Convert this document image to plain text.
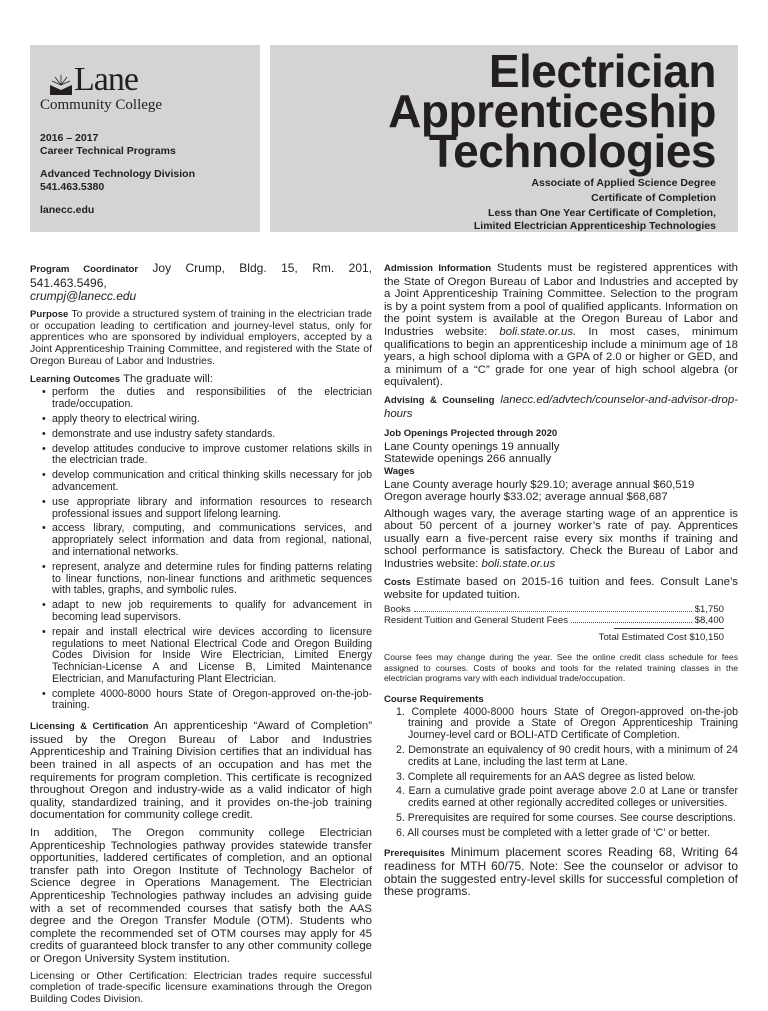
Lane
Community College
2016 – 2017
Career Technical Programs
Advanced Technology Division
541.463.5380
lanecc.edu
Electrician
Apprenticeship
Technologies
Associate of Applied Science Degree
Certificate of Completion
Less than One Year Certificate of Completion,
Limited Electrician Apprenticeship Technologies

Program Coordinator Joy Crump, Bldg. 15, Rm. 201, 541.463.5496,
crumpj@lanecc.edu

Purpose To provide a structured system of training in the electrician trade or occupation leading to certification and journey-level status, only for apprentices who are sponsored by individual employers, accepted by a Joint Apprenticeship Training Committee, and registered with the State of Oregon Bureau of Labor and Industries.

Learning Outcomes The graduate will:

• perform the duties and responsibilities of the electrician trade/occupation.
• apply theory to electrical wiring.
• demonstrate and use industry safety standards.
• develop attitudes conducive to improve customer relations skills in the electrician trade.
• develop communication and critical thinking skills necessary for job advancement.
• use appropriate library and information resources to research professional issues and support lifelong learning.
• access library, computing, and communications services, and appropriately select information and data from regional, national, and international networks.
• represent, analyze and determine rules for finding patterns relating to linear functions, non-linear functions and arithmetic sequences with tables, graphs, and symbolic rules.
• adapt to new job requirements to qualify for advancement in becoming lead supervisors.
• repair and install electrical wire devices according to licensure regulations to meet National Electrical Code and Oregon Building Codes Division for Inside Wire Electrician, Limited Energy Technician-License A and License B, Limited Maintenance Electrician, and Manufacturing Plant Electrician.
• complete 4000-8000 hours State of Oregon-approved on-the-job-training.

Licensing & Certification An apprenticeship “Award of Completion” issued by the Oregon Bureau of Labor and Industries Apprenticeship and Training Division certifies that an individual has been trained in all aspects of an occupation and has met the requirements for program completion. This certificate is recognized throughout Oregon and industry-wide as a valid indicator of high quality, standardized training, and it provides on-the-job training documentation for community college credit.

In addition, The Oregon community college Electrician Apprenticeship Technologies pathway provides statewide transfer opportunities, laddered certificates of completion, and an optional transfer path into Oregon Institute of Technology Bachelor of Science degree in Operations Management. The Electrician Apprenticeship Technologies pathway includes an advising guide with a set of recommended courses that satisfy both the AAS degree and the Oregon Transfer Module (OTM). Students who complete the recommended set of OTM courses may apply for 45 credits of guaranteed block transfer to any other community college or Oregon University System institution.

Licensing or Other Certification: Electrician trades require successful completion of trade-specific licensure examinations through the Oregon Building Codes Division.

Admission Information Students must be registered apprentices with the State of Oregon Bureau of Labor and Industries and accepted by a Joint Apprenticeship Training Committee. Selection to the program is by a point system from a pool of qualified applicants. Information on the point system is available at the Oregon Bureau of Labor and Industries website: boli.state.or.us. In most cases, minimum qualifications to begin an apprenticeship include a minimum age of 18 years, a high school diploma with a GPA of 2.0 or higher or GED, and a minimum of a “C” grade for one year of high school algebra (or equivalent).

Advising & Counseling lanecc.ed/advtech/counselor-and-advisor-drop-hours

Job Openings Projected through 2020
Lane County openings 19 annually
Statewide openings 266 annually
Wages
Lane County average hourly $29.10; average annual $60,519
Oregon average hourly $33.02; average annual $68,687

Although wages vary, the average starting wage of an apprentice is about 50 percent of a journey worker’s rate of pay. Apprentices usually earn a five-percent raise every six months if training and school performance is satisfactory. Check the Bureau of Labor and Industries website: boli.state.or.us

Costs Estimate based on 2015-16 tuition and fees. Consult Lane’s website for updated tuition.

Books	$1,750
Resident Tuition and General Student Fees	$8,400
Total Estimated Cost $10,150
Course fees may change during the year. See the online credit class schedule for fees assigned to courses. Costs of books and tools for the related training classes in the electrician programs vary with each individual trade/occupation.
Course Requirements
1. Complete 4000-8000 hours State of Oregon-approved on-the-job training and provide a State of Oregon Apprenticeship Training Journey-level card or BOLI-ATD Certificate of Completion.
2. Demonstrate an equivalency of 90 credit hours, with a minimum of 24 credits at Lane, including the last term at Lane.
3. Complete all requirements for an AAS degree as listed below.
4. Earn a cumulative grade point average above 2.0 at Lane or transfer credits earned at other regionally accredited colleges or universities.
5. Prerequisites are required for some courses. See course descriptions.
6. All courses must be completed with a letter grade of ‘C’ or better.

Prerequisites Minimum placement scores Reading 68, Writing 64 readiness for MTH 60/75. Note: See the counselor or advisor to obtain the suggested entry-level skills for successful completion of these programs.
